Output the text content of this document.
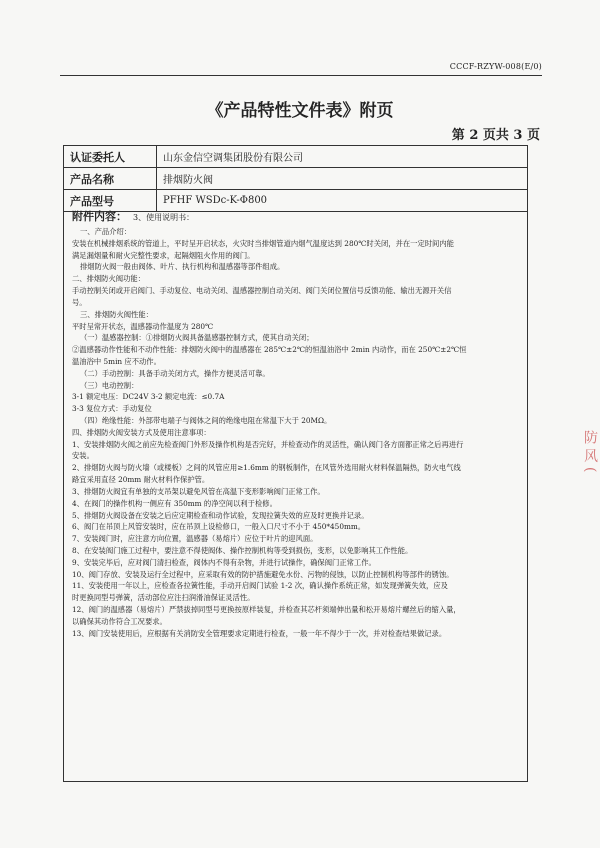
CCCF-RZYW-008(E/0)
《产品特性文件表》附页
第 2 页共 3 页
认证委托人	山东金信空调集团股份有限公司
产品名称	排烟防火阀
产品型号	PFHF WSDc-K-Φ800
附件内容： 3、使用说明书：

一、产品介绍：

安装在机械排烟系统的管道上，平时呈开启状态，火灾时当排烟管道内烟气温度达到 280℃时关闭，并在一定时间内能

满足漏烟量和耐火完整性要求，起隔烟阻火作用的阀门。

排烟防火阀一般由阀体、叶片、执行机构和温感器等部件组成。

二、排烟防火阀功能：

手动控制关闭或开启阀门、手动复位、电动关闭、温感器控制自动关闭、阀门关闭位置信号反馈功能、输出无源开关信

号。

三、排烟防火阀性能：

平时呈常开状态，温感器动作温度为 280℃

（一）温感器控制：①排烟防火阀具备温感器控制方式，使其自动关闭；

②温感器动作性能和不动作性能：排烟防火阀中的温感器在 285℃±2℃的恒温油浴中 2min 内动作，而在 250℃±2℃恒

温油浴中 5min 应不动作。

（二）手动控制：具备手动关闭方式，操作方便灵活可靠。

（三）电动控制：

3-1 额定电压：DC24V 3-2 额定电流：≤0.7A

3-3 复位方式：手动复位

（四）绝缘性能：外部带电端子与阀体之间的绝缘电阻在常温下大于 20MΩ。

四、排烟防火阀安装方式及使用注意事项：

1、安装排烟防火阀之前应先检查阀门外形及操作机构是否完好，并检查动作的灵活性，确认阀门各方面都正常之后再进行

安装。

2、排烟防火阀与防火墙（或楼板）之间的风管应用≥1.6mm 的钢板制作，在风管外选用耐火材料保温隔热，防火电气线

路宜采用直径 20mm 耐火材料作保护管。

3、排烟防火阀宜有单独的支吊架以避免风管在高温下变形影响阀门正常工作。

4、在阀门的操作机构一侧应有 350mm 的净空间以利于检修。

5、排烟防火阀设备在安装之后应定期检查和动作试验，发现拉簧失效的应及时更换并记录。

6、阀门在吊顶上风管安装时，应在吊顶上设检修口，一般入口尺寸不小于 450*450mm。

7、安装阀门时，应注意方向位置，温感器（易熔片）应位于叶片的迎风面。

8、在安装阀门施工过程中，要注意不得使阀体、操作控制机构等受到损伤，变形，以免影响其工作性能。

9、安装完毕后，应对阀门清扫检查，阀体内不得有杂物，并进行试操作，确保阀门正常工作。

10、阀门存放、安装及运行全过程中，应采取有效的防护措施避免水份、污物的侵蚀，以防止控制机构等部件的锈蚀。

11、安装使用一年以上，应检查各拉簧性能，手动开启阀门试验 1-2 次，确认操作系统正常，如发现弹簧失效，应及

时更换同型号弹簧，活动部位应注扫润滑油保证灵活性。

12、阀门的温感器（易熔片）严禁拔掉同型号更换按原样装复，并检查其芯杆须端伸出量和松开易熔片螺丝后的缩入量，

以确保其动作符合工况要求。

13、阀门安装使用后，应根据有关消防安全管理要求定期进行检查，一般一年不得少于一次，并对检查结果做记录。

防 风 (
